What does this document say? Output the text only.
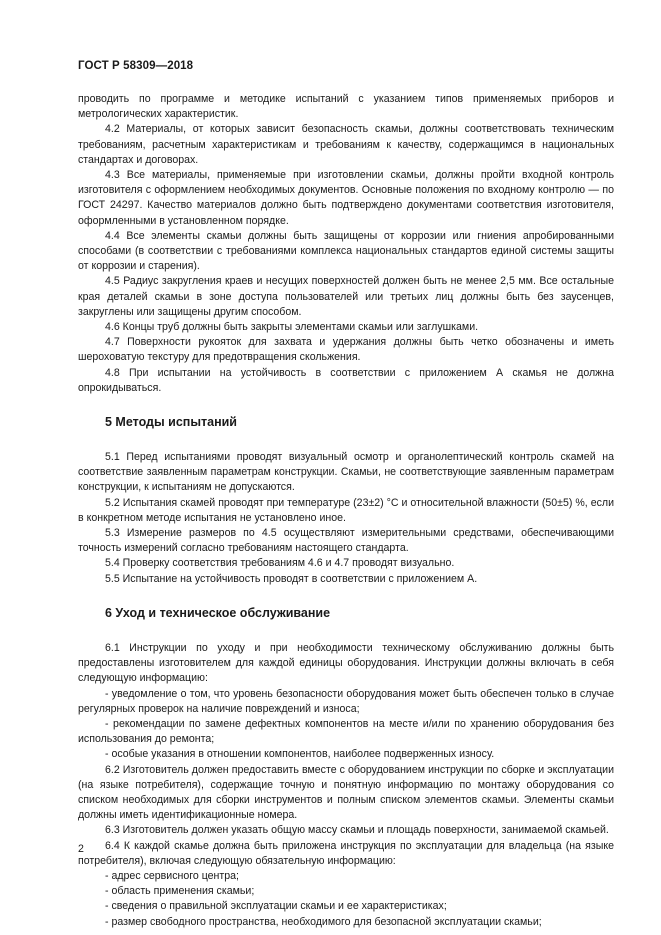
ГОСТ Р 58309—2018

проводить по программе и методике испытаний с указанием типов применяемых приборов и метрологических характеристик.

4.2 Материалы, от которых зависит безопасность скамьи, должны соответствовать техническим требованиям, расчетным характеристикам и требованиям к качеству, содержащимся в национальных стандартах и договорах.

4.3 Все материалы, применяемые при изготовлении скамьи, должны пройти входной контроль изготовителя с оформлением необходимых документов. Основные положения по входному контролю — по ГОСТ 24297. Качество материалов должно быть подтверждено документами соответствия изготовителя, оформленными в установленном порядке.

4.4 Все элементы скамьи должны быть защищены от коррозии или гниения апробированными способами (в соответствии с требованиями комплекса национальных стандартов единой системы защиты от коррозии и старения).

4.5 Радиус закругления краев и несущих поверхностей должен быть не менее 2,5 мм. Все остальные края деталей скамьи в зоне доступа пользователей или третьих лиц должны быть без заусенцев, закруглены или защищены другим способом.

4.6 Концы труб должны быть закрыты элементами скамьи или заглушками.

4.7 Поверхности рукояток для захвата и удержания должны быть четко обозначены и иметь шероховатую текстуру для предотвращения скольжения.

4.8 При испытании на устойчивость в соответствии с приложением А скамья не должна опрокидываться.

5 Методы испытаний

5.1 Перед испытаниями проводят визуальный осмотр и органолептический контроль скамей на соответствие заявленным параметрам конструкции. Скамьи, не соответствующие заявленным параметрам конструкции, к испытаниям не допускаются.

5.2 Испытания скамей проводят при температуре (23±2) °С и относительной влажности (50±5) %, если в конкретном методе испытания не установлено иное.

5.3 Измерение размеров по 4.5 осуществляют измерительными средствами, обеспечивающими точность измерений согласно требованиям настоящего стандарта.

5.4 Проверку соответствия требованиям 4.6 и 4.7 проводят визуально.

5.5 Испытание на устойчивость проводят в соответствии с приложением А.

6 Уход и техническое обслуживание

6.1 Инструкции по уходу и при необходимости техническому обслуживанию должны быть предоставлены изготовителем для каждой единицы оборудования. Инструкции должны включать в себя следующую информацию:

- уведомление о том, что уровень безопасности оборудования может быть обеспечен только в случае регулярных проверок на наличие повреждений и износа;

- рекомендации по замене дефектных компонентов на месте и/или по хранению оборудования без использования до ремонта;

- особые указания в отношении компонентов, наиболее подверженных износу.

6.2 Изготовитель должен предоставить вместе с оборудованием инструкции по сборке и эксплуатации (на языке потребителя), содержащие точную и понятную информацию по монтажу оборудования со списком необходимых для сборки инструментов и полным списком элементов скамьи. Элементы скамьи должны иметь идентификационные номера.

6.3 Изготовитель должен указать общую массу скамьи и площадь поверхности, занимаемой скамьей.

6.4 К каждой скамье должна быть приложена инструкция по эксплуатации для владельца (на языке потребителя), включая следующую обязательную информацию:

- адрес сервисного центра;

- область применения скамьи;

- сведения о правильной эксплуатации скамьи и ее характеристиках;

- размер свободного пространства, необходимого для безопасной эксплуатации скамьи;

2
